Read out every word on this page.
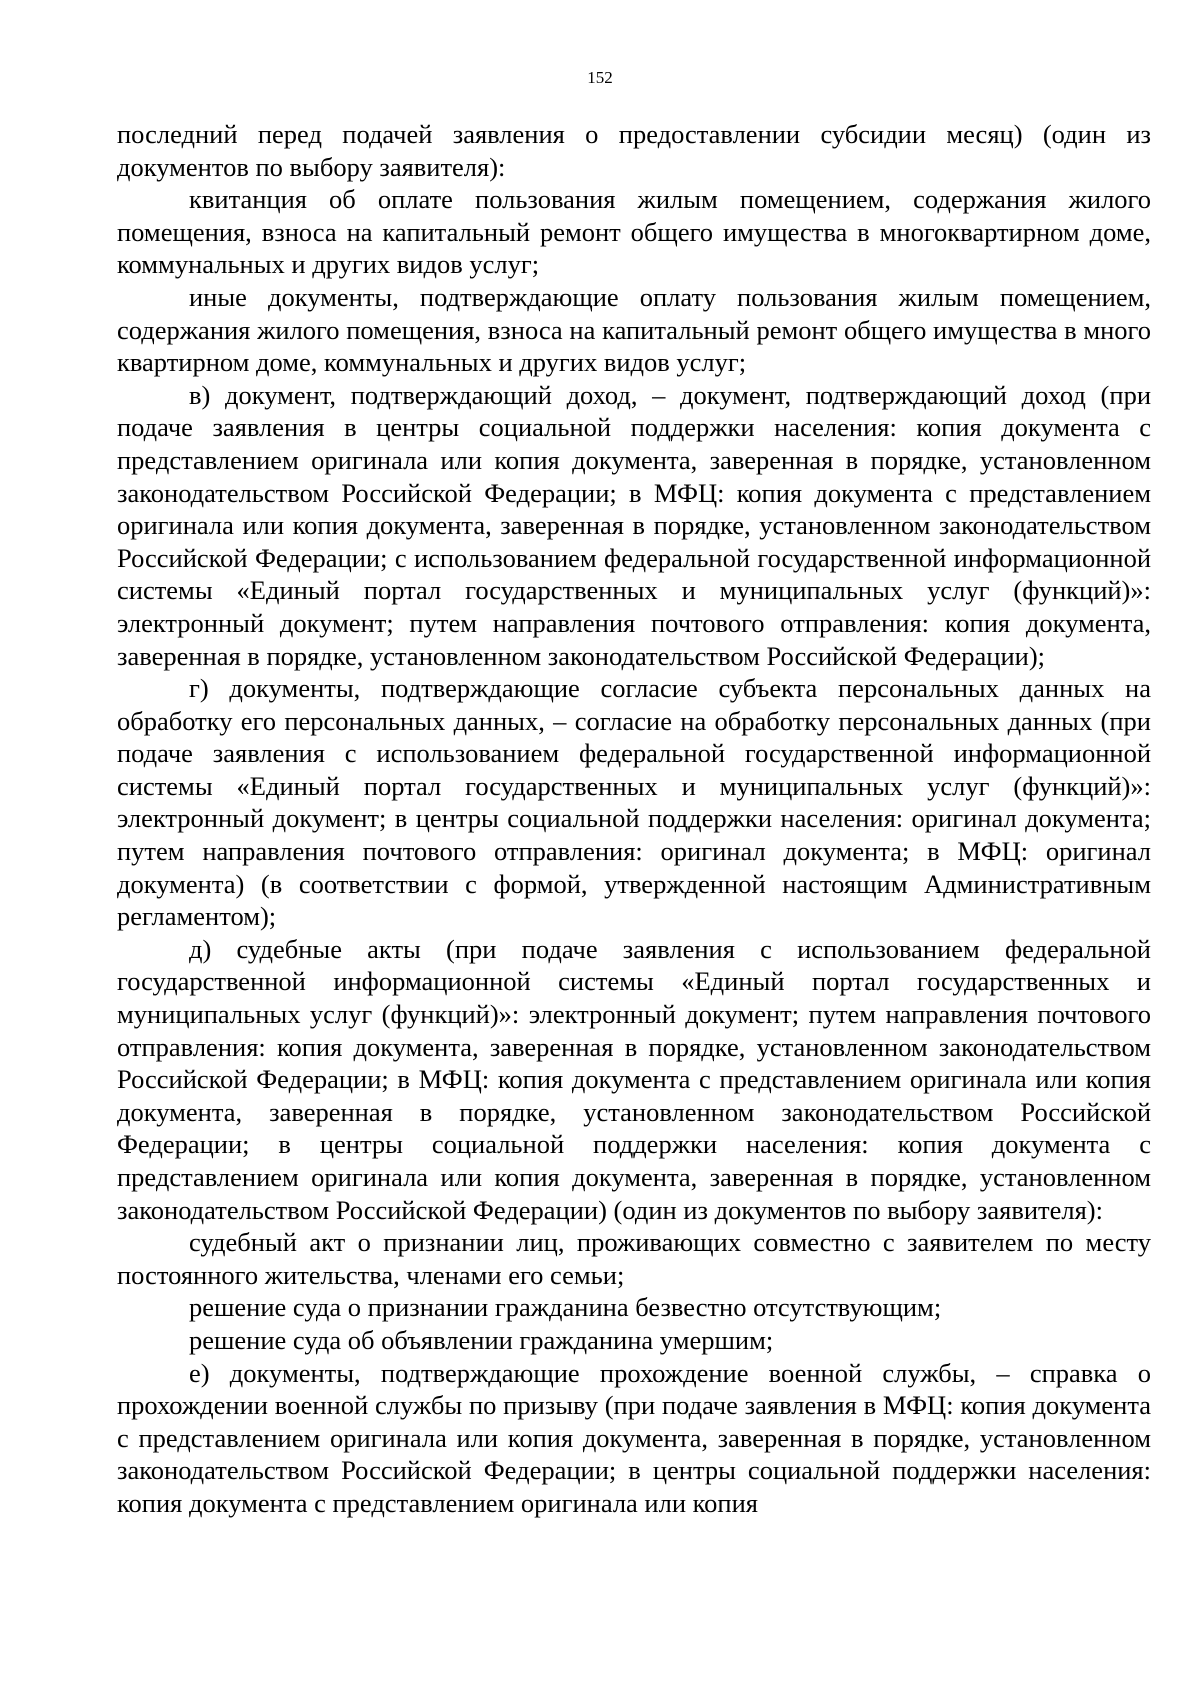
152

последний перед подачей заявления о предоставлении субсидии месяц) (один из документов по выбору заявителя):

квитанция об оплате пользования жилым помещением, содержания жилого помещения, взноса на капитальный ремонт общего имущества в многоквартирном доме, коммунальных и других видов услуг;

иные документы, подтверждающие оплату пользования жилым помещением, содержания жилого помещения, взноса на капитальный ремонт общего имущества в много квартирном доме, коммунальных и других видов услуг;

в) документ, подтверждающий доход, – документ, подтверждающий доход (при подаче заявления в центры социальной поддержки населения: копия документа с представлением оригинала или копия документа, заверенная в порядке, установленном законодательством Российской Федерации; в МФЦ: копия документа с представлением оригинала или копия документа, заверенная в порядке, установленном законодательством Российской Федерации; с использованием федеральной государственной информационной системы «Единый портал государственных и муниципальных услуг (функций)»: электронный документ; путем направления почтового отправления: копия документа, заверенная в порядке, установленном законодательством Российской Федерации);

г) документы, подтверждающие согласие субъекта персональных данных на обработку его персональных данных, – согласие на обработку персональных данных (при подаче заявления с использованием федеральной государственной информационной системы «Единый портал государственных и муниципальных услуг (функций)»: электронный документ; в центры социальной поддержки населения: оригинал документа; путем направления почтового отправления: оригинал документа; в МФЦ: оригинал документа) (в соответствии с формой, утвержденной настоящим Административным регламентом);

д) судебные акты (при подаче заявления с использованием федеральной государственной информационной системы «Единый портал государственных и муниципальных услуг (функций)»: электронный документ; путем направления почтового отправления: копия документа, заверенная в порядке, установленном законодательством Российской Федерации; в МФЦ: копия документа с представлением оригинала или копия документа, заверенная в порядке, установленном законодательством Российской Федерации; в центры социальной поддержки населения: копия документа с представлением оригинала или копия документа, заверенная в порядке, установленном законодательством Российской Федерации) (один из документов по выбору заявителя):

судебный акт о признании лиц, проживающих совместно с заявителем по месту постоянного жительства, членами его семьи;

решение суда о признании гражданина безвестно отсутствующим;

решение суда об объявлении гражданина умершим;

е) документы, подтверждающие прохождение военной службы, – справка о прохождении военной службы по призыву (при подаче заявления в МФЦ: копия документа с представлением оригинала или копия документа, заверенная в порядке, установленном законодательством Российской Федерации; в центры социальной поддержки населения: копия документа с представлением оригинала или копия
